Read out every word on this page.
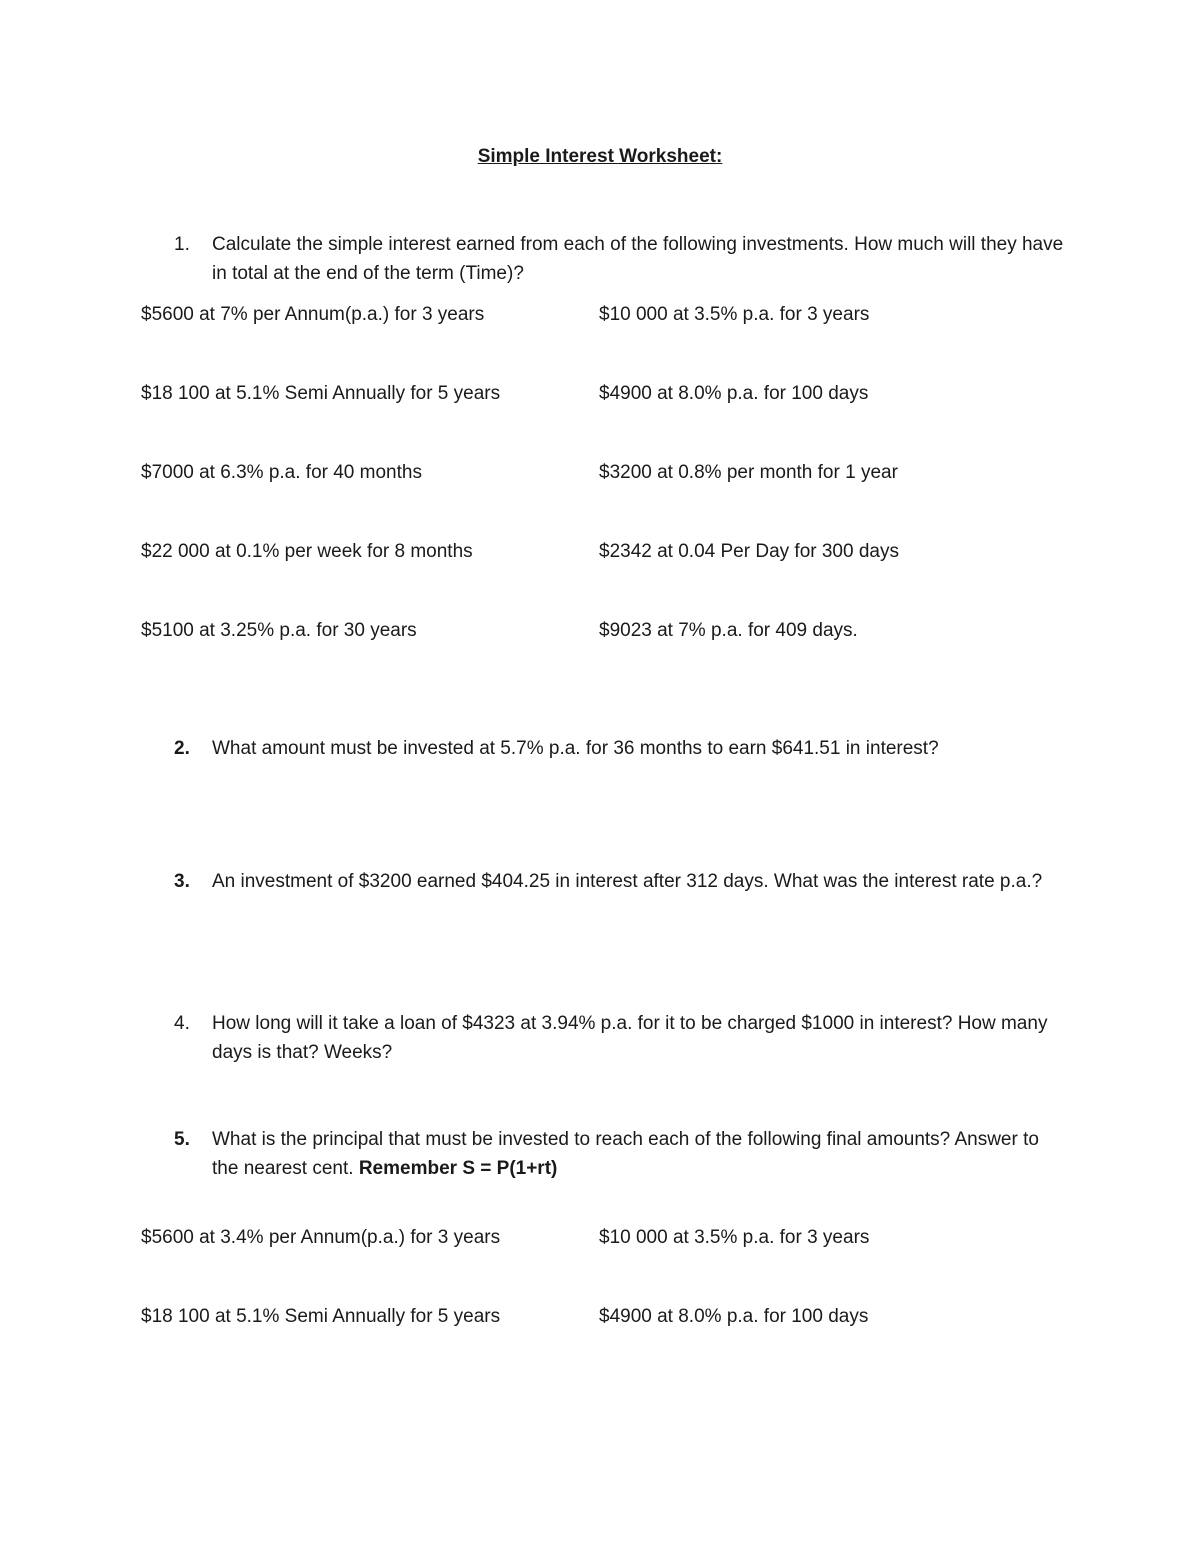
Simple Interest Worksheet:
1.	Calculate the simple interest earned from each of the following investments. How much will they have in total at the end of the term (Time)?
$5600 at 7% per Annum(p.a.) for 3 years	$10 000 at 3.5% p.a. for 3 years
$18 100 at 5.1% Semi Annually for 5 years	$4900 at 8.0% p.a. for 100 days
$7000 at 6.3% p.a. for 40 months	$3200 at 0.8% per month for 1 year
$22 000 at 0.1% per week for 8 months	$2342 at 0.04 Per Day for 300 days
$5100 at 3.25% p.a. for 30 years	$9023 at 7% p.a. for 409 days.
2.	What amount must be invested at 5.7% p.a. for 36 months to earn $641.51 in interest?
3.	An investment of $3200 earned $404.25 in interest after 312 days. What was the interest rate p.a.?
4.	How long will it take a loan of $4323 at 3.94% p.a. for it to be charged $1000 in interest? How many days is that? Weeks?
5.	What is the principal that must be invested to reach each of the following final amounts? Answer to the nearest cent. Remember S = P(1+rt)
$5600 at 3.4% per Annum(p.a.) for 3 years	$10 000 at 3.5% p.a. for 3 years
$18 100 at 5.1% Semi Annually for 5 years	$4900 at 8.0% p.a. for 100 days
